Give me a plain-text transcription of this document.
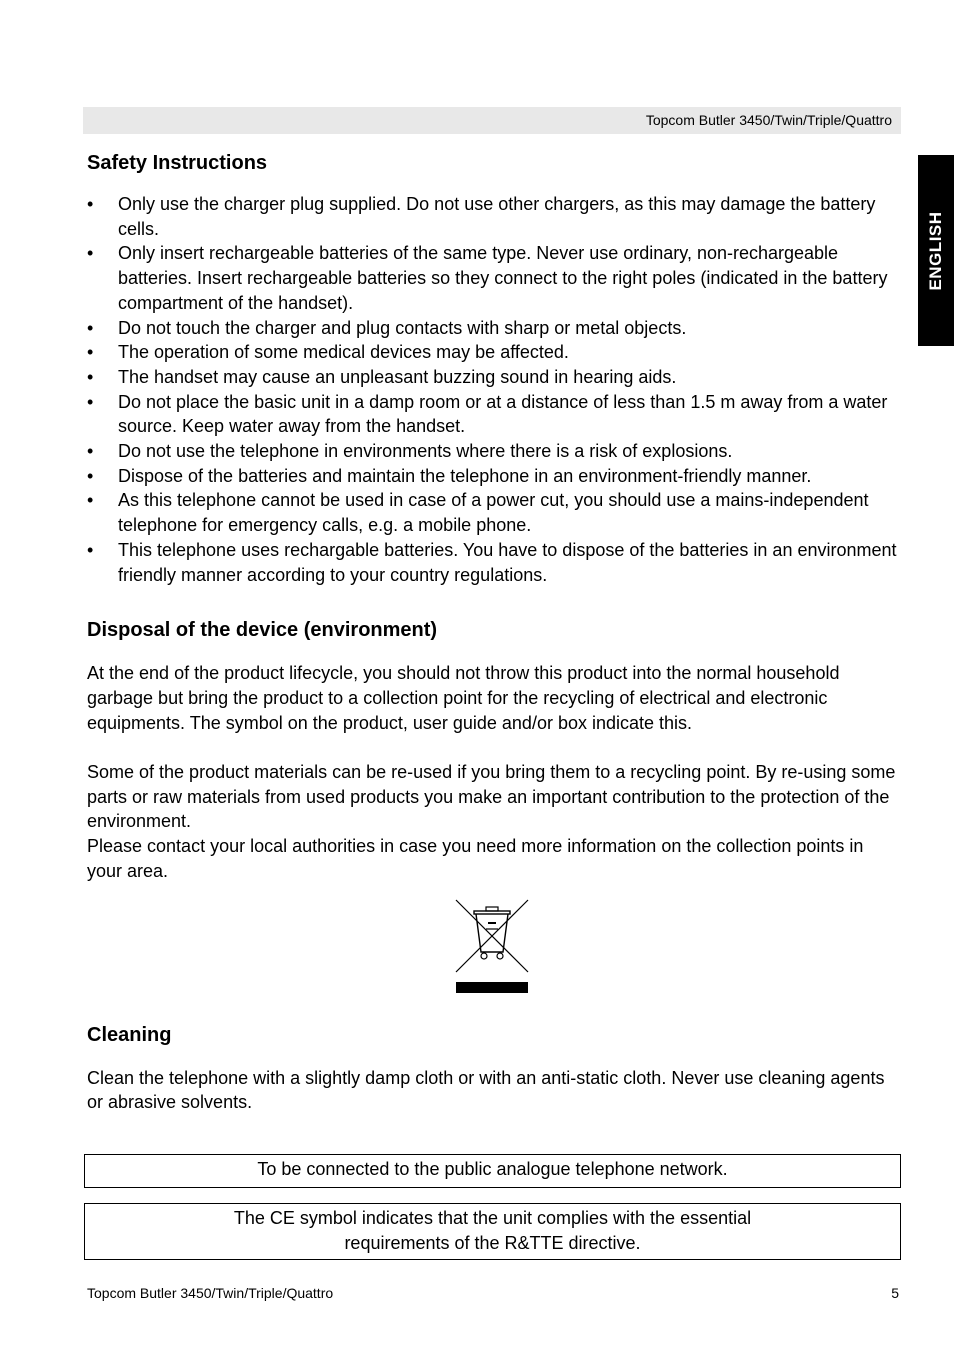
Topcom Butler 3450/Twin/Triple/Quattro
ENGLISH
Safety Instructions
• Only use the charger plug supplied. Do not use other chargers, as this may damage the battery cells.
• Only insert rechargeable batteries of the same type. Never use ordinary, non-rechargeable batteries. Insert rechargeable batteries so they connect to the right poles (indicated in the battery compartment of the handset).
• Do not touch the charger and plug contacts with sharp or metal objects.
• The operation of some medical devices may be affected.
• The handset may cause an unpleasant buzzing sound in hearing aids.
• Do not place the basic unit in a damp room or at a distance of less than 1.5 m away from a water source. Keep water away from the handset.
• Do not use the telephone in environments where there is a risk of explosions.
• Dispose of the batteries and maintain the telephone in an environment-friendly manner.
• As this telephone cannot be used in case of a power cut, you should use a mains-independent telephone for emergency calls, e.g. a mobile phone.
• This telephone uses rechargable batteries. You have to dispose of the batteries in an environment friendly manner according to your country regulations.
Disposal of the device (environment)

At the end of the product lifecycle, you should not throw this product into the normal household garbage but bring the product to a collection point for the recycling of electrical and electronic equipments. The symbol on the product, user guide and/or box indicate this.

Some of the product materials can be re-used if you bring them to a recycling point. By re-using some parts or raw materials from used products you make an important contribution to the protection of the environment.

Please contact your local authorities in case you need more information on the collection points in your area.

Cleaning

Clean the telephone with a slightly damp cloth or with an anti-static cloth. Never use cleaning agents or abrasive solvents.

To be connected to the public analogue telephone network.
The CE symbol indicates that the unit complies with the essential
requirements of the R&TTE directive.
Topcom Butler 3450/Twin/Triple/Quattro	5
